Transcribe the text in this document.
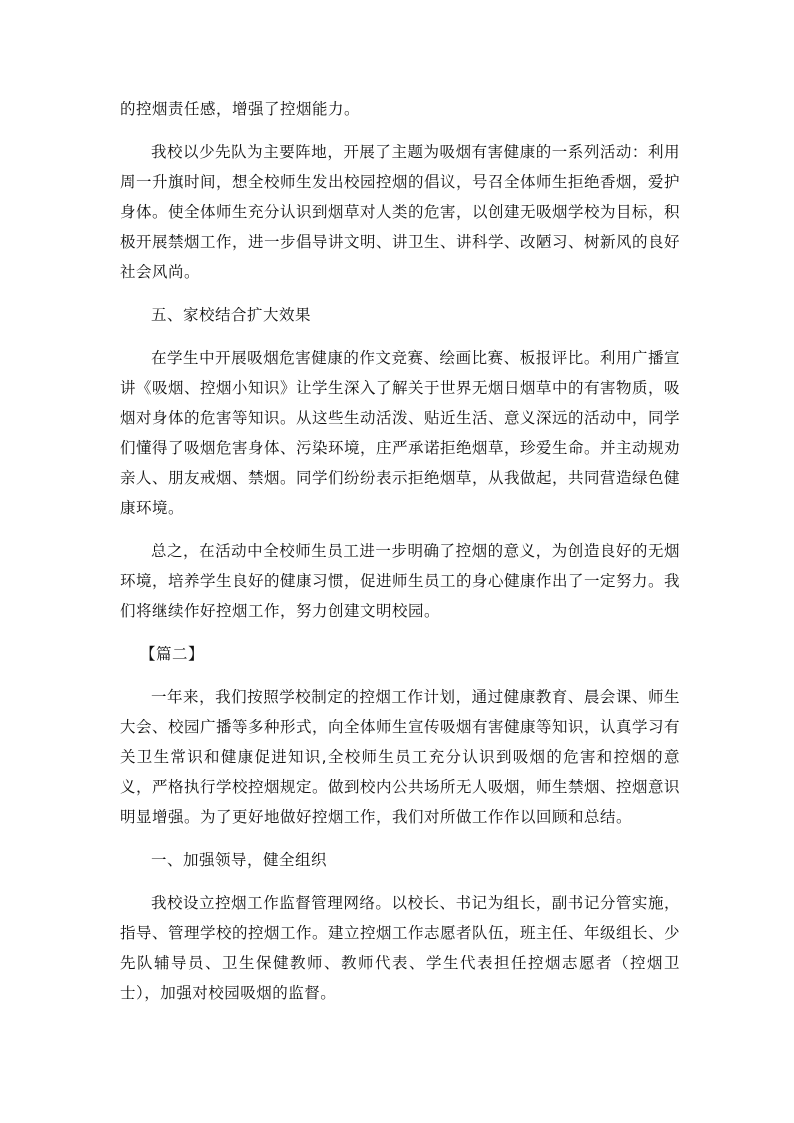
的控烟责任感，增强了控烟能力。

我校以少先队为主要阵地，开展了主题为吸烟有害健康的一系列活动：利用周一升旗时间，想全校师生发出校园控烟的倡议，号召全体师生拒绝香烟，爱护身体。使全体师生充分认识到烟草对人类的危害，以创建无吸烟学校为目标，积极开展禁烟工作，进一步倡导讲文明、讲卫生、讲科学、改陋习、树新风的良好社会风尚。

五、家校结合扩大效果

在学生中开展吸烟危害健康的作文竞赛、绘画比赛、板报评比。利用广播宣讲《吸烟、控烟小知识》让学生深入了解关于世界无烟日烟草中的有害物质，吸烟对身体的危害等知识。从这些生动活泼、贴近生活、意义深远的活动中，同学们懂得了吸烟危害身体、污染环境，庄严承诺拒绝烟草，珍爱生命。并主动规劝亲人、朋友戒烟、禁烟。同学们纷纷表示拒绝烟草，从我做起，共同营造绿色健康环境。

总之，在活动中全校师生员工进一步明确了控烟的意义，为创造良好的无烟环境，培养学生良好的健康习惯，促进师生员工的身心健康作出了一定努力。我们将继续作好控烟工作，努力创建文明校园。

【篇二】

一年来，我们按照学校制定的控烟工作计划，通过健康教育、晨会课、师生大会、校园广播等多种形式，向全体师生宣传吸烟有害健康等知识，认真学习有关卫生常识和健康促进知识,全校师生员工充分认识到吸烟的危害和控烟的意义，严格执行学校控烟规定。做到校内公共场所无人吸烟，师生禁烟、控烟意识明显增强。为了更好地做好控烟工作，我们对所做工作作以回顾和总结。

一、加强领导，健全组织

我校设立控烟工作监督管理网络。以校长、书记为组长，副书记分管实施，指导、管理学校的控烟工作。建立控烟工作志愿者队伍，班主任、年级组长、少先队辅导员、卫生保健教师、教师代表、学生代表担任控烟志愿者（控烟卫士），加强对校园吸烟的监督。
